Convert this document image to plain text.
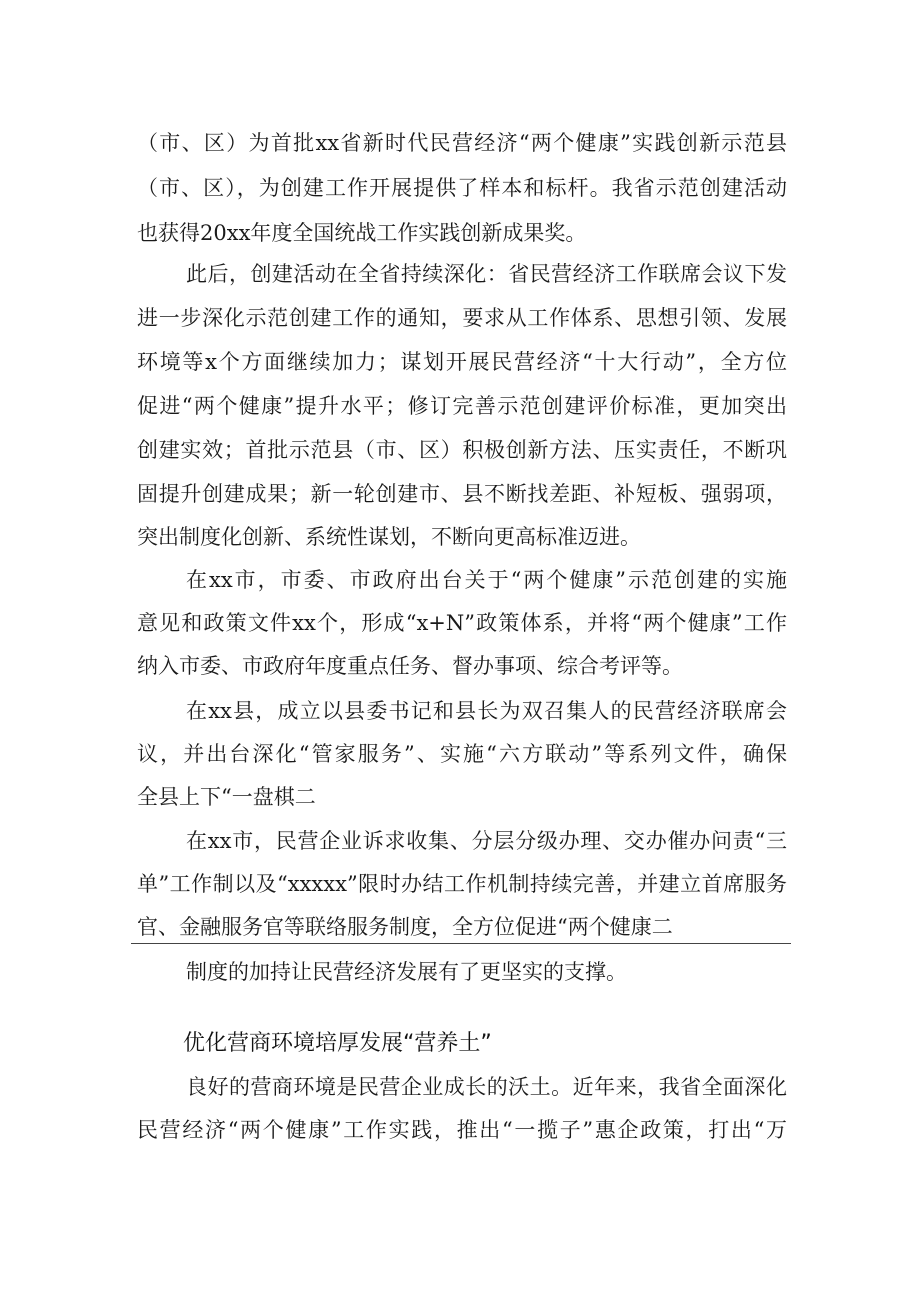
（市、区）为首批xx省新时代民营经济“两个健康”实践创新示范县
（市、区），为创建工作开展提供了样本和标杆。我省示范创建活动
也获得20xx年度全国统战工作实践创新成果奖。
此后，创建活动在全省持续深化：省民营经济工作联席会议下发
进一步深化示范创建工作的通知，要求从工作体系、思想引领、发展
环境等x个方面继续加力；谋划开展民营经济“十大行动”，全方位
促进“两个健康”提升水平；修订完善示范创建评价标准，更加突出
创建实效；首批示范县（市、区）积极创新方法、压实责任，不断巩
固提升创建成果；新一轮创建市、县不断找差距、补短板、强弱项，
突出制度化创新、系统性谋划，不断向更高标准迈进。
在xx市，市委、市政府出台关于“两个健康”示范创建的实施
意见和政策文件xx个，形成“x+N”政策体系，并将“两个健康”工作
纳入市委、市政府年度重点任务、督办事项、综合考评等。
在xx县，成立以县委书记和县长为双召集人的民营经济联席会
议，并出台深化“管家服务”、实施“六方联动”等系列文件，确保
全县上下“一盘棋二
在xx市，民营企业诉求收集、分层分级办理、交办催办问责“三
单”工作制以及“xxxxx”限时办结工作机制持续完善，并建立首席服务
官、金融服务官等联络服务制度，全方位促进“两个健康二
制度的加持让民营经济发展有了更坚实的支撑。
优化营商环境培厚发展“营养土”
良好的营商环境是民营企业成长的沃土。近年来，我省全面深化
民营经济“两个健康”工作实践，推出“一揽子”惠企政策，打出“万
